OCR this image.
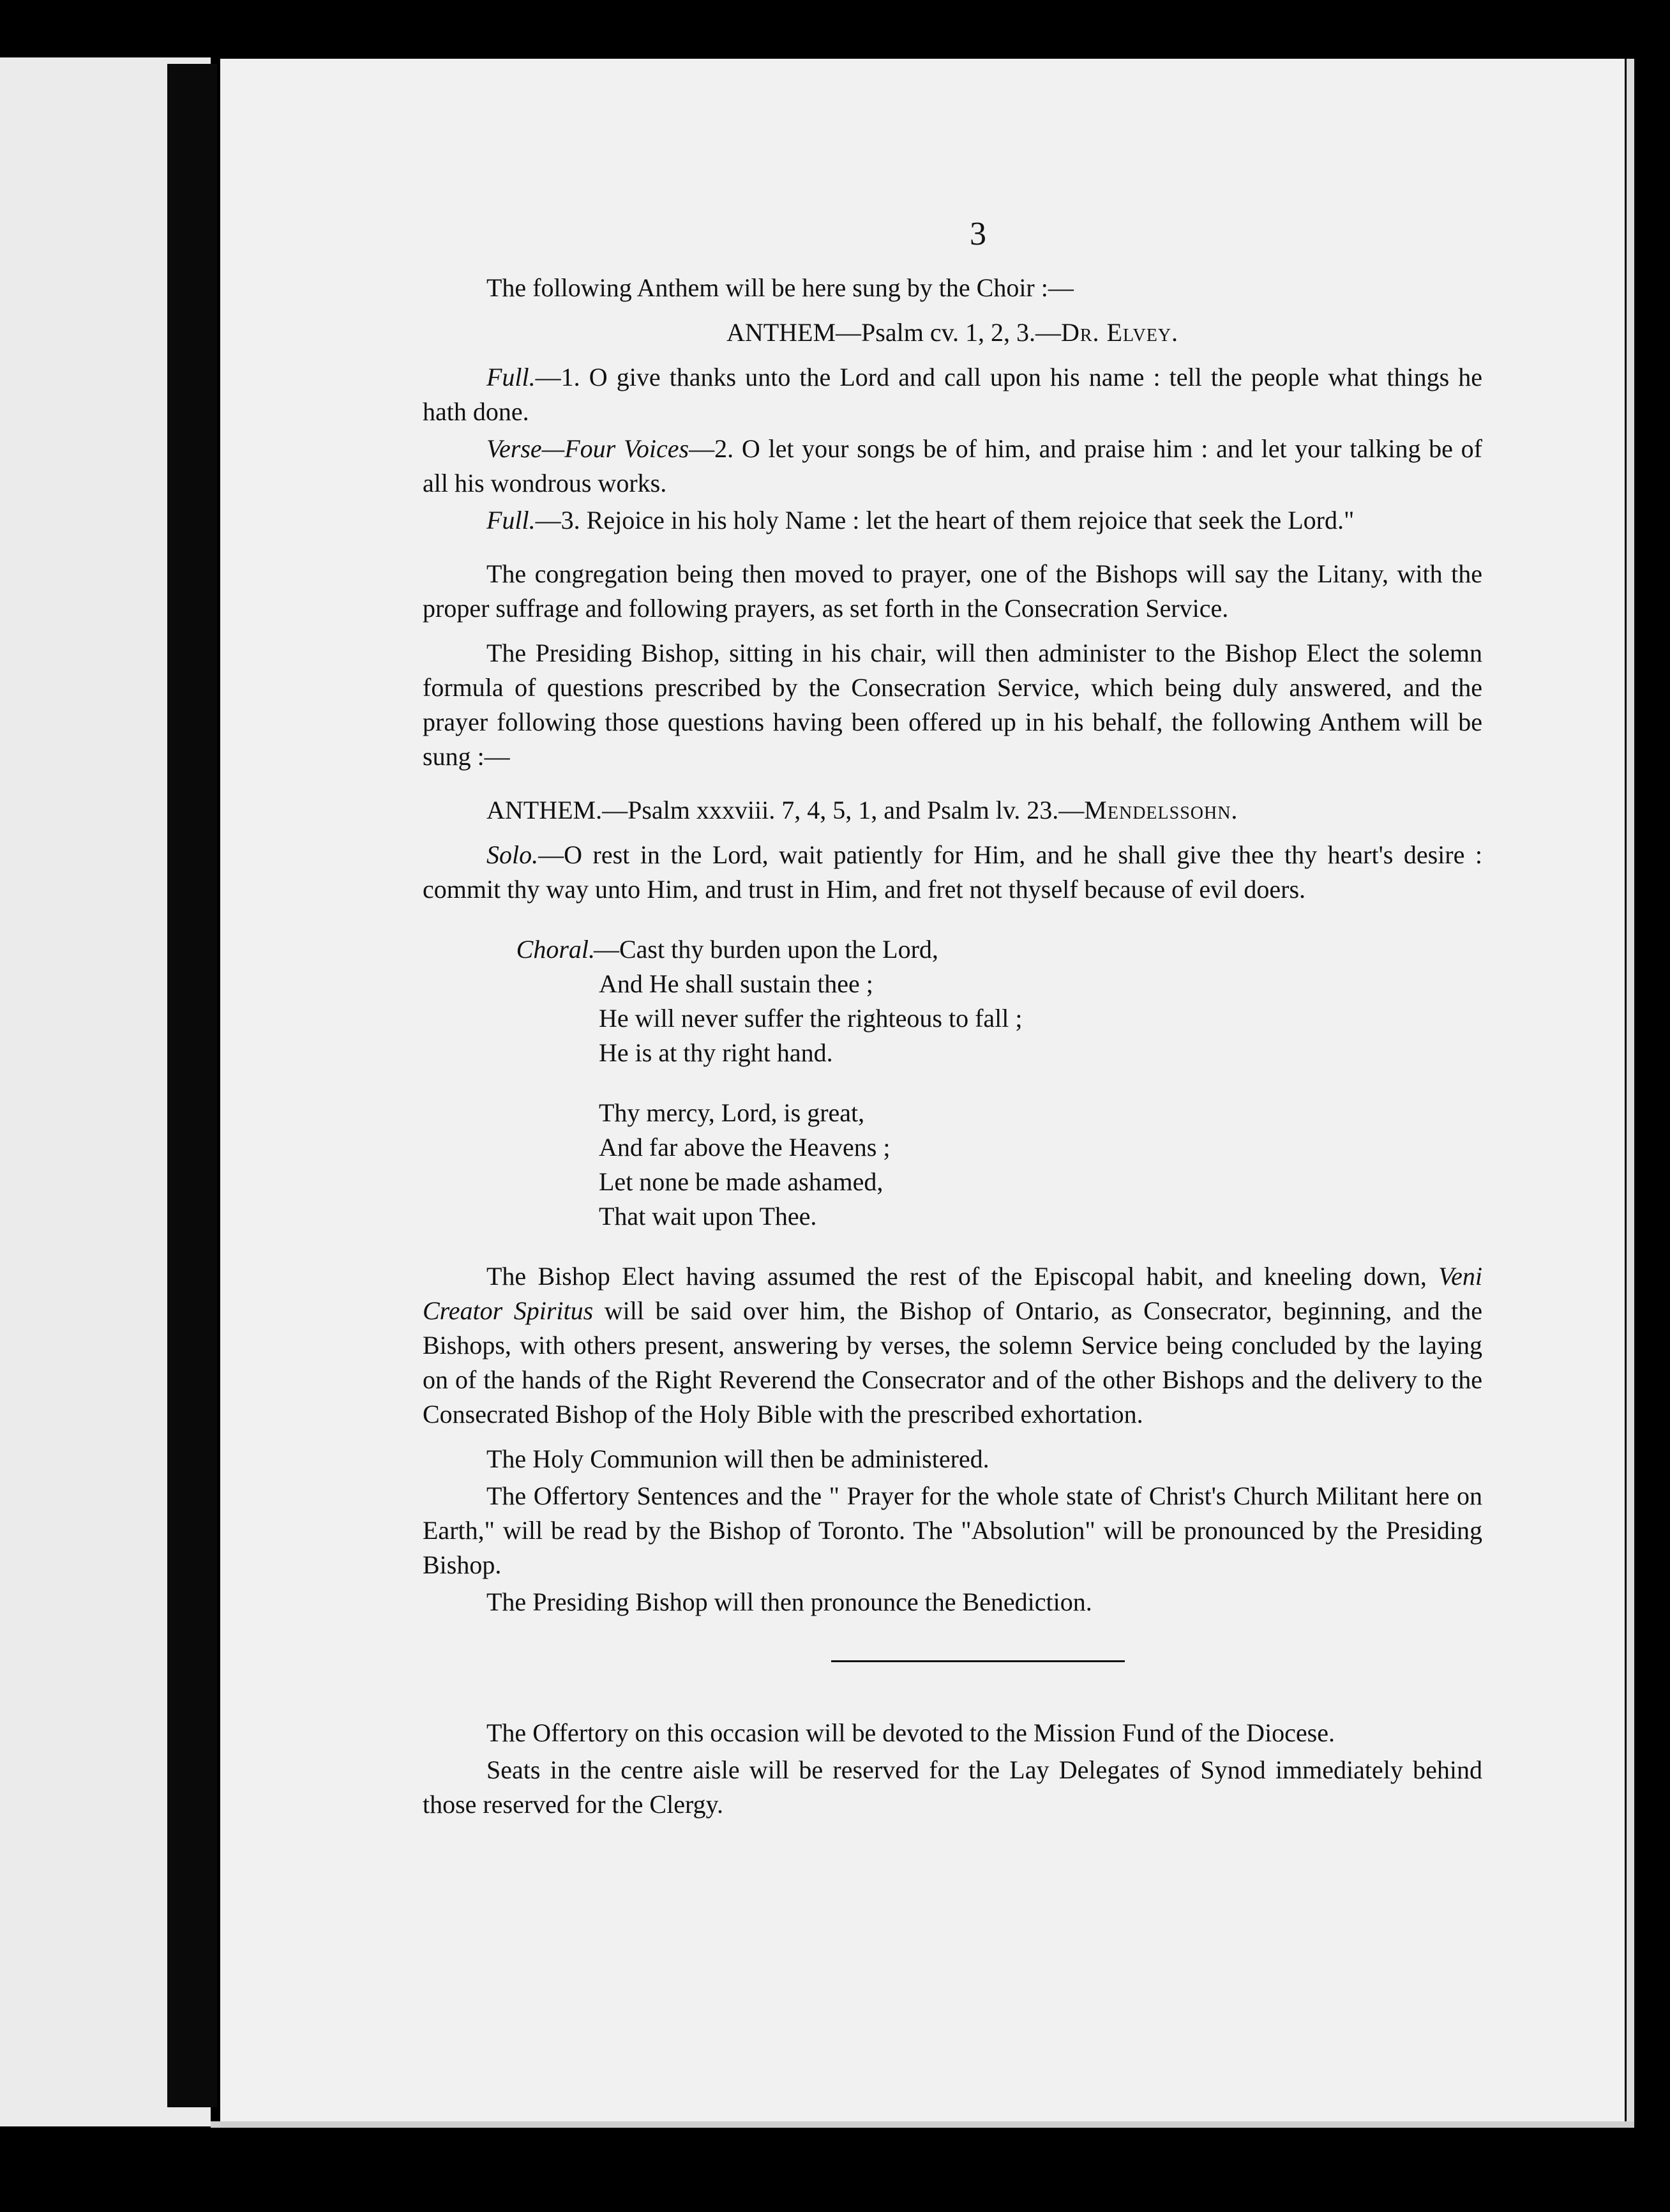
3

The following Anthem will be here sung by the Choir :—

ANTHEM—Psalm cv. 1, 2, 3.—Dr. Elvey.

Full.—1. O give thanks unto the Lord and call upon his name : tell the people what things he hath done.

Verse—Four Voices—2. O let your songs be of him, and praise him : and let your talking be of all his wondrous works.

Full.—3. Rejoice in his holy Name : let the heart of them rejoice that seek the Lord."

The congregation being then moved to prayer, one of the Bishops will say the Litany, with the proper suffrage and following prayers, as set forth in the Consecration Service.

The Presiding Bishop, sitting in his chair, will then administer to the Bishop Elect the solemn formula of questions prescribed by the Consecration Service, which being duly answered, and the prayer following those questions having been offered up in his behalf, the following Anthem will be sung :—

ANTHEM.—Psalm xxxviii. 7, 4, 5, 1, and Psalm lv. 23.—Mendelssohn.

Solo.—O rest in the Lord, wait patiently for Him, and he shall give thee thy heart's desire : commit thy way unto Him, and trust in Him, and fret not thyself because of evil doers.

Choral.
—Cast thy burden upon the Lord,
And He shall sustain thee ;
He will never suffer the righteous to fall ;
He is at thy right hand.
Thy mercy, Lord, is great,
And far above the Heavens ;
Let none be made ashamed,
That wait upon Thee.

The Bishop Elect having assumed the rest of the Episcopal habit, and kneeling down, Veni Creator Spiritus will be said over him, the Bishop of Ontario, as Consecrator, beginning, and the Bishops, with others present, answering by verses, the solemn Service being concluded by the laying on of the hands of the Right Reverend the Consecrator and of the other Bishops and the delivery to the Consecrated Bishop of the Holy Bible with the prescribed exhortation.

The Holy Communion will then be administered.

The Offertory Sentences and the " Prayer for the whole state of Christ's Church Militant here on Earth," will be read by the Bishop of Toronto. The "Absolution" will be pronounced by the Presiding Bishop.

The Presiding Bishop will then pronounce the Benediction.

The Offertory on this occasion will be devoted to the Mission Fund of the Diocese.

Seats in the centre aisle will be reserved for the Lay Delegates of Synod immediately behind those reserved for the Clergy.
